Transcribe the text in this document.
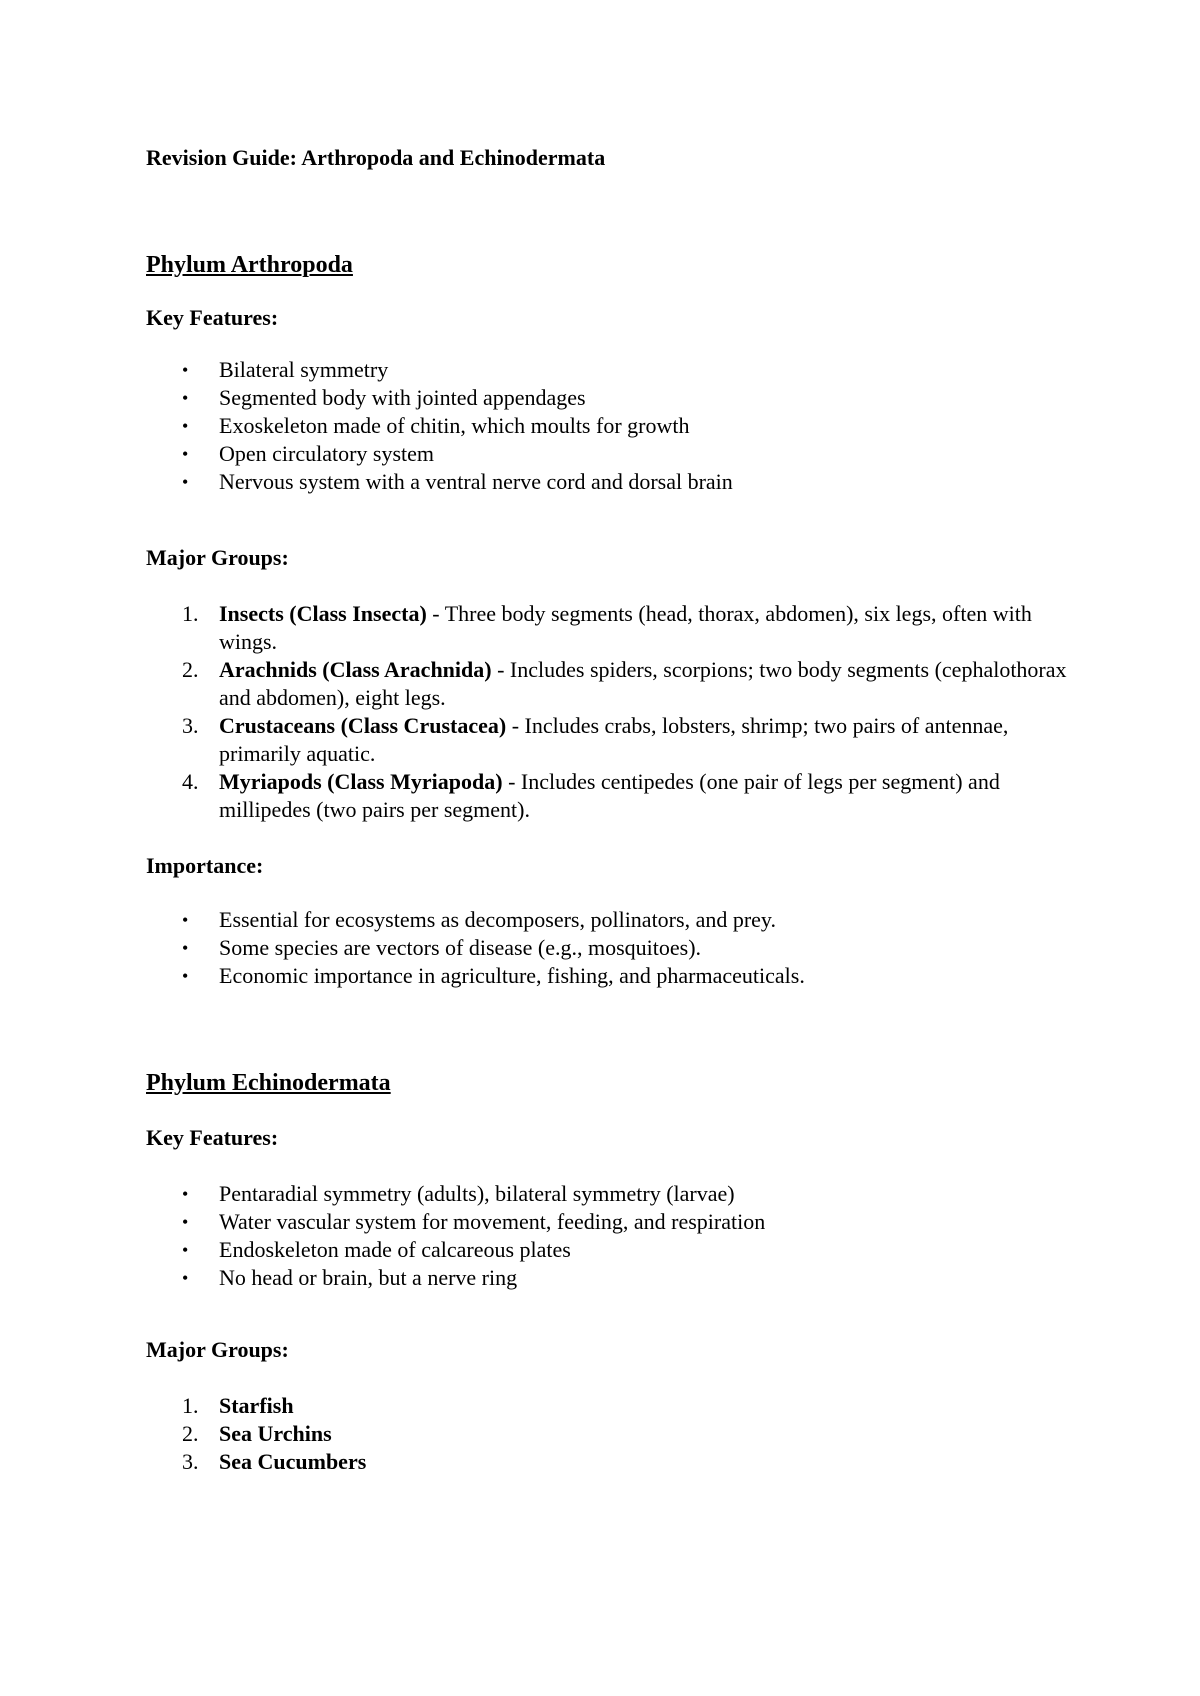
Revision Guide: Arthropoda and Echinodermata
Phylum Arthropoda
Key Features:
• Bilateral symmetry
• Segmented body with jointed appendages
• Exoskeleton made of chitin, which moults for growth
• Open circulatory system
• Nervous system with a ventral nerve cord and dorsal brain
Major Groups:
1. Insects (Class Insecta) - Three body segments (head, thorax, abdomen), six legs, often with wings.
2. Arachnids (Class Arachnida) - Includes spiders, scorpions; two body segments (cephalothorax and abdomen), eight legs.
3. Crustaceans (Class Crustacea) - Includes crabs, lobsters, shrimp; two pairs of antennae, primarily aquatic.
4. Myriapods (Class Myriapoda) - Includes centipedes (one pair of legs per segment) and millipedes (two pairs per segment).
Importance:
• Essential for ecosystems as decomposers, pollinators, and prey.
• Some species are vectors of disease (e.g., mosquitoes).
• Economic importance in agriculture, fishing, and pharmaceuticals.
Phylum Echinodermata
Key Features:
• Pentaradial symmetry (adults), bilateral symmetry (larvae)
• Water vascular system for movement, feeding, and respiration
• Endoskeleton made of calcareous plates
• No head or brain, but a nerve ring
Major Groups:
1. Starfish
2. Sea Urchins
3. Sea Cucumbers
